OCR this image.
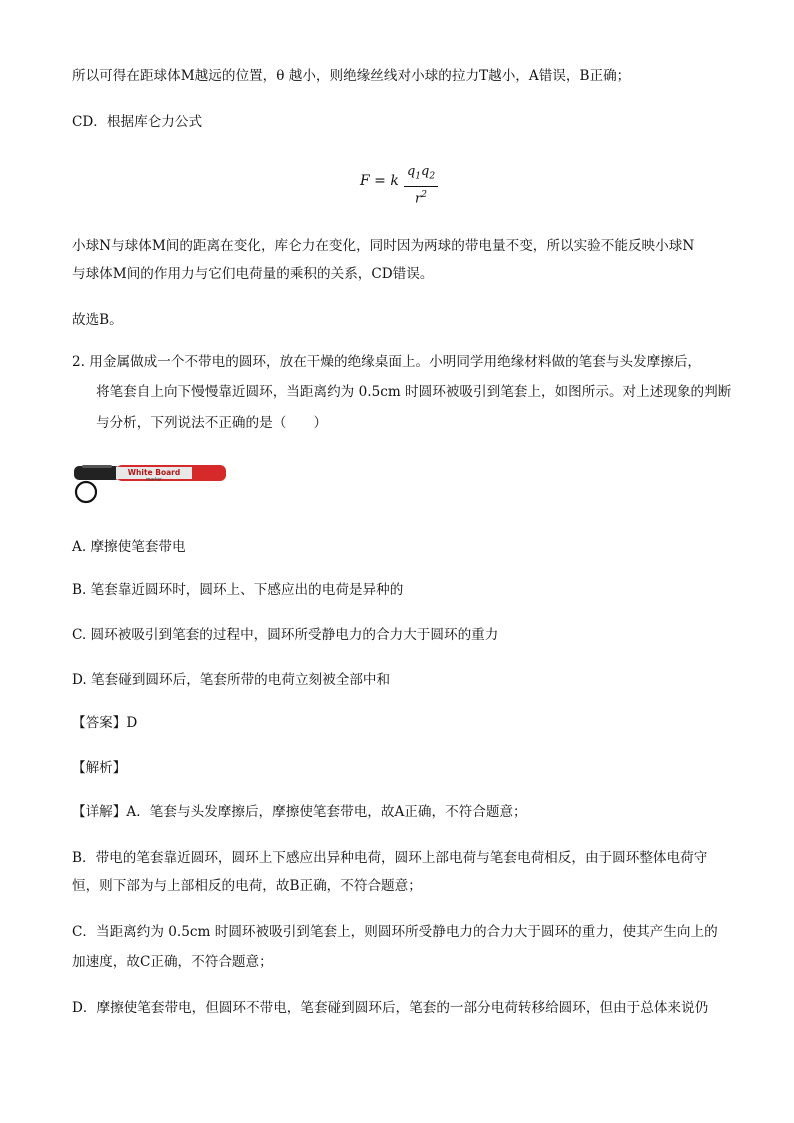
所以可得在距球体M越远的位置，θ 越小，则绝缘丝线对小球的拉力T越小，A错误，B正确；
CD．根据库仑力公式
F = k
$q_1q_2$
$r^2$
小球N与球体M间的距离在变化，库仑力在变化，同时因为两球的带电量不变，所以实验不能反映小球N
与球体M间的作用力与它们电荷量的乘积的关系，CD错误。
故选B。
2. 用金属做成一个不带电的圆环，放在干燥的绝缘桌面上。小明同学用绝缘材料做的笔套与头发摩擦后，
将笔套自上向下慢慢靠近圆环，当距离约为 0.5cm 时圆环被吸引到笔套上，如图所示。对上述现象的判断
与分析，下列说法不正确的是（　　）
White Board
marker
A. 摩擦使笔套带电
B. 笔套靠近圆环时，圆环上、下感应出的电荷是异种的
C. 圆环被吸引到笔套的过程中，圆环所受静电力的合力大于圆环的重力
D. 笔套碰到圆环后，笔套所带的电荷立刻被全部中和
【答案】D
【解析】
【详解】A．笔套与头发摩擦后，摩擦使笔套带电，故A正确，不符合题意；
B．带电的笔套靠近圆环，圆环上下感应出异种电荷，圆环上部电荷与笔套电荷相反，由于圆环整体电荷守
恒，则下部为与上部相反的电荷，故B正确，不符合题意；
C．当距离约为 0.5cm 时圆环被吸引到笔套上，则圆环所受静电力的合力大于圆环的重力，使其产生向上的
加速度，故C正确，不符合题意；
D．摩擦使笔套带电，但圆环不带电，笔套碰到圆环后，笔套的一部分电荷转移给圆环，但由于总体来说仍
